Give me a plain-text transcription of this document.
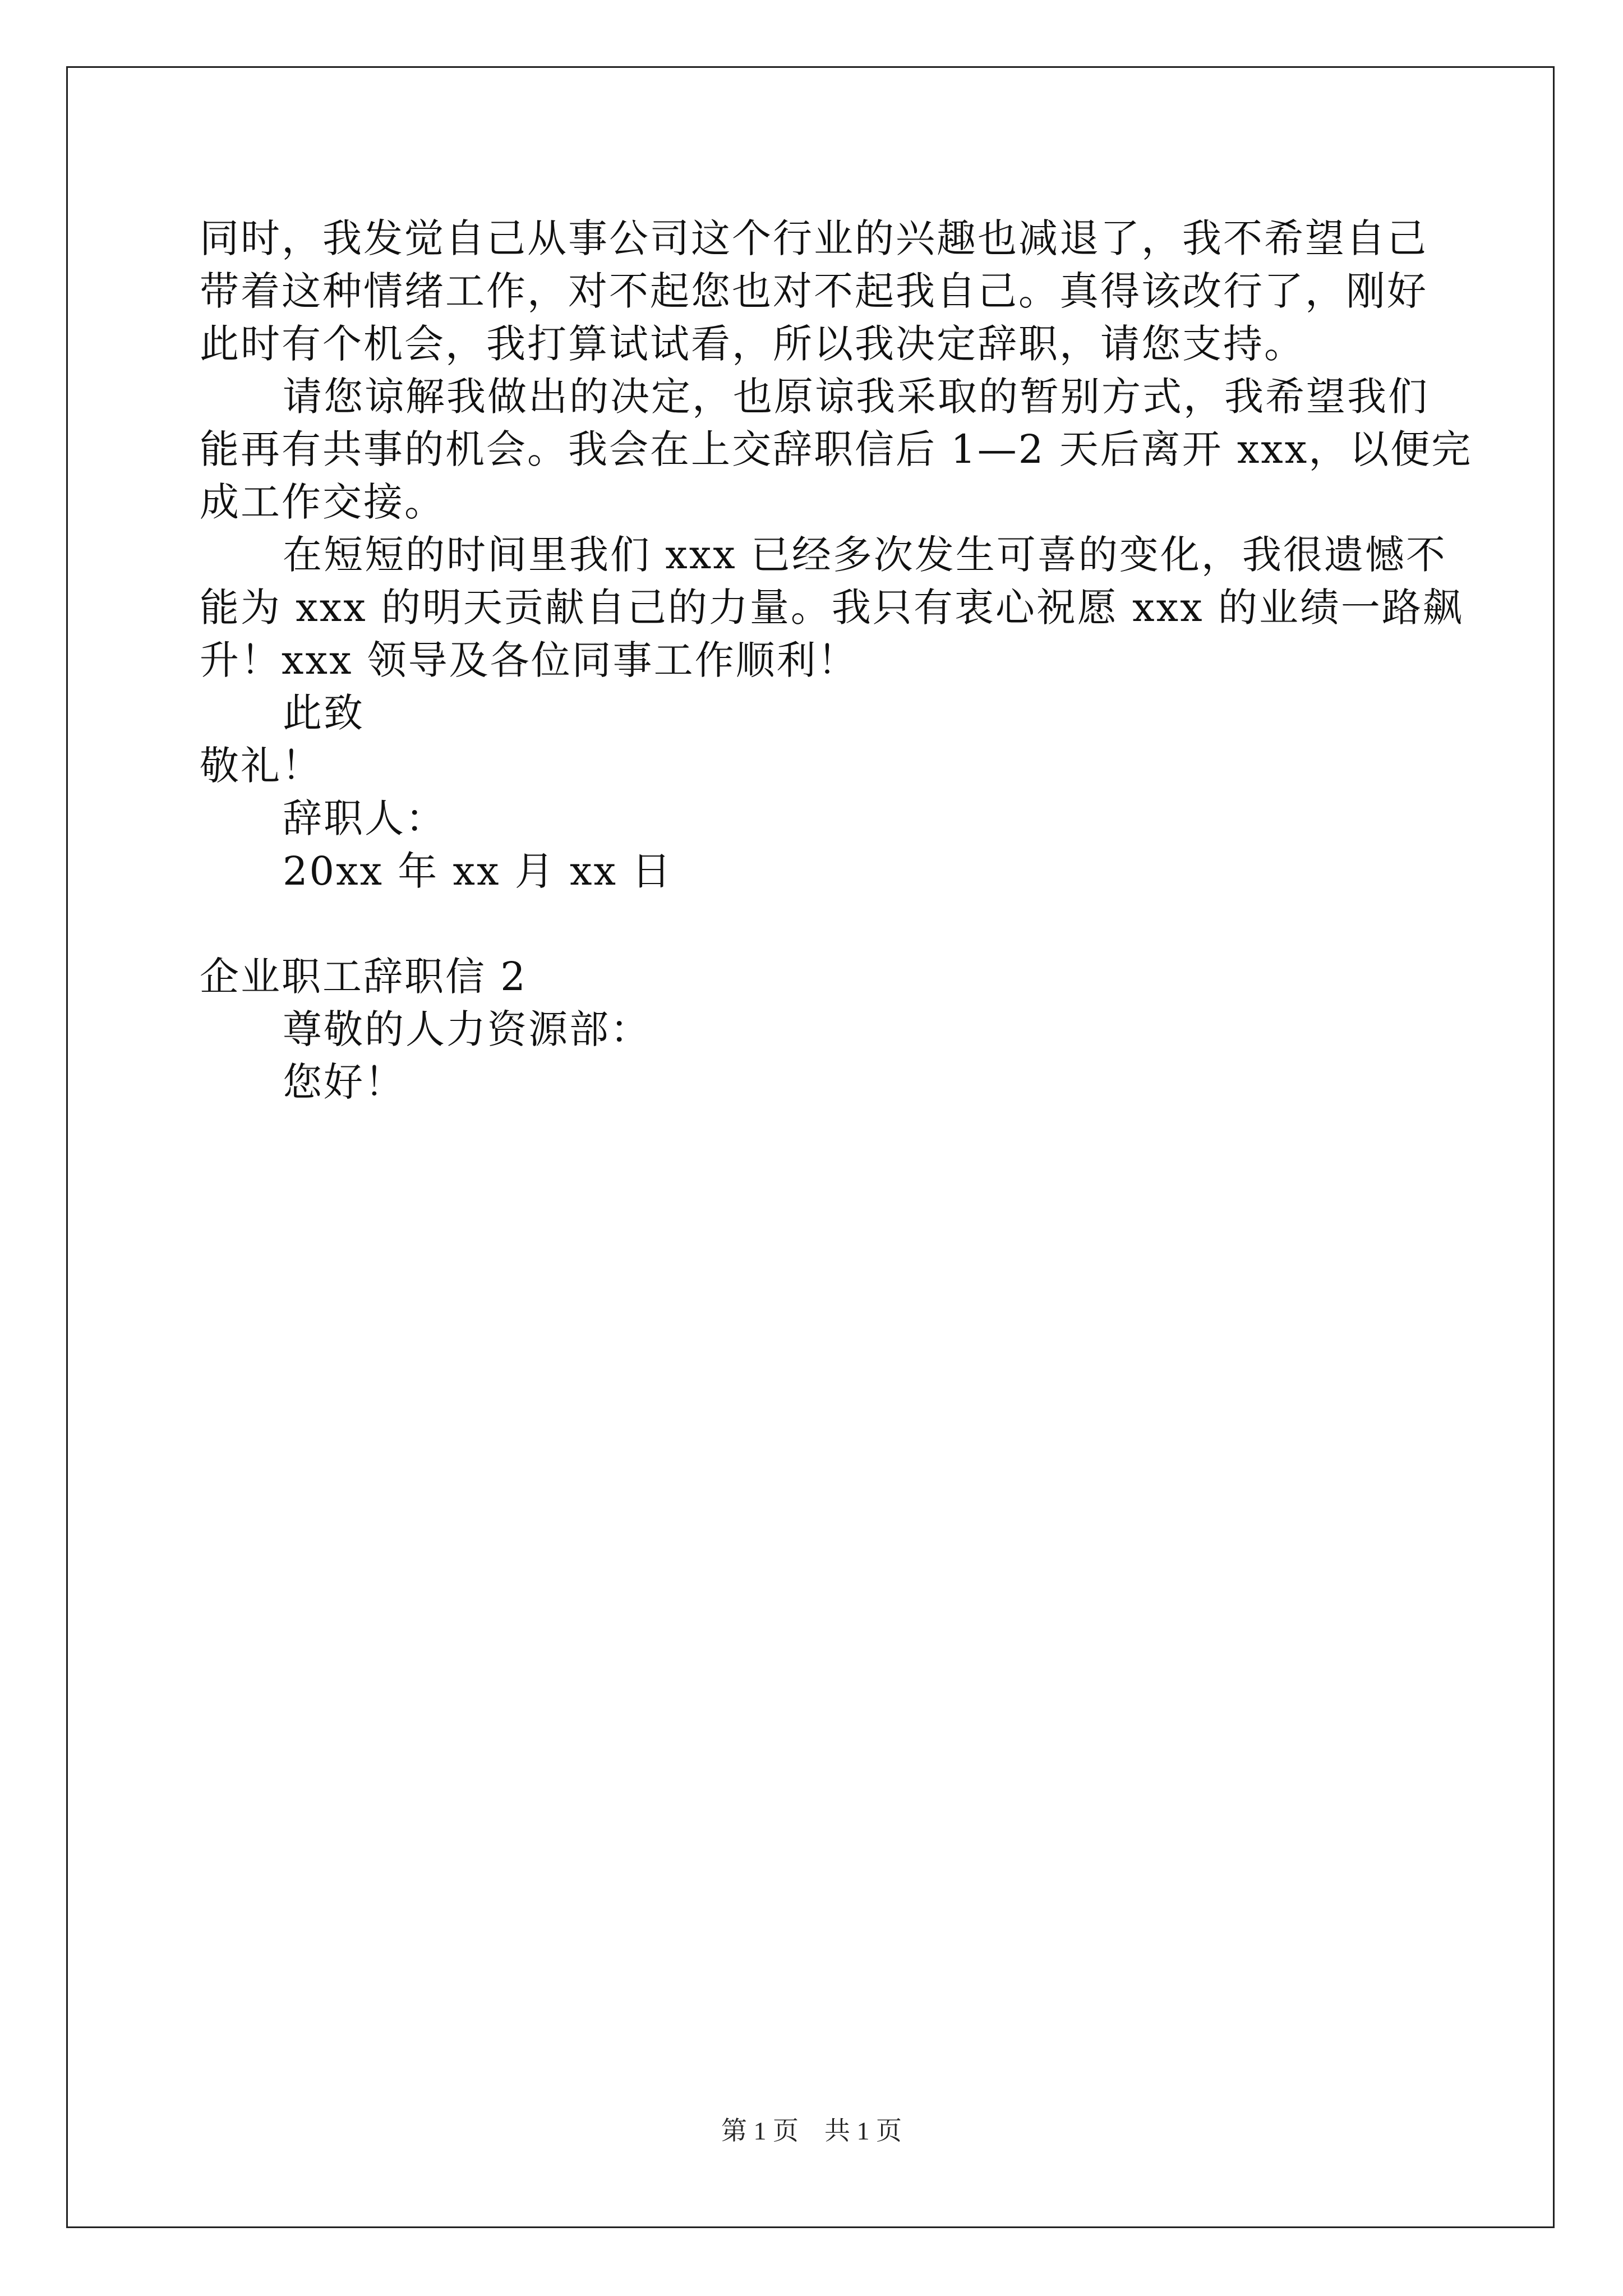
同时，我发觉自己从事公司这个行业的兴趣也减退了，我不希望自己
带着这种情绪工作，对不起您也对不起我自己。真得该改行了，刚好
此时有个机会，我打算试试看，所以我决定辞职，请您支持。
请您谅解我做出的决定，也原谅我采取的暂别方式，我希望我们
能再有共事的机会。我会在上交辞职信后 1—2 天后离开 xxx，以便完
成工作交接。
在短短的时间里我们 xxx 已经多次发生可喜的变化，我很遗憾不
能为 xxx 的明天贡献自己的力量。我只有衷心祝愿 xxx 的业绩一路飙
升！xxx 领导及各位同事工作顺利！
此致
敬礼！
辞职人：
20xx 年 xx 月 xx 日
企业职工辞职信 2
尊敬的人力资源部：
您好！
第 1 页    共 1 页
